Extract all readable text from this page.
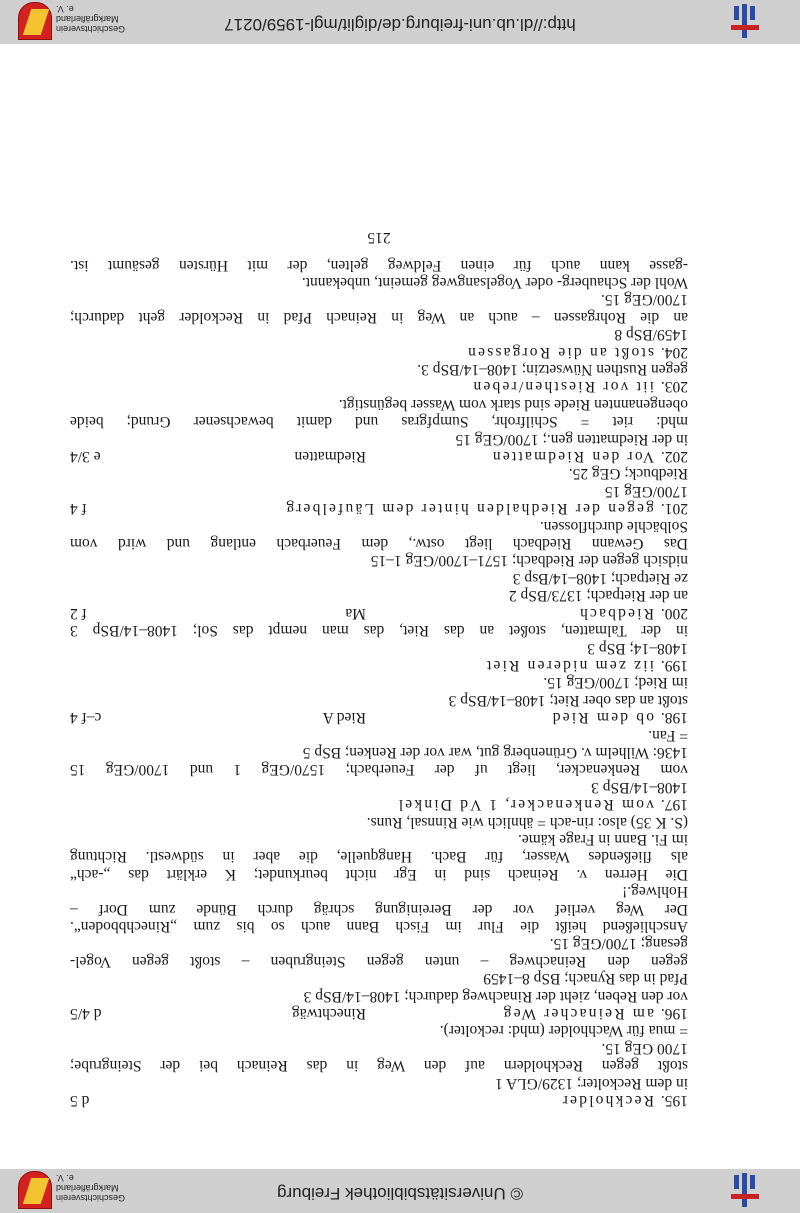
© Universitätsbibliothek Freiburg
Geschichtsverein
Markgräflerland e. V.
195.
Reckholder
d 5
in dem Reckolter; 1329/GLA 1
stoßt gegen Reckholdern auf den Weg in das Reinach bei der Steingrube;
1700 GEg 15.
= mua für Wachholder (mhd: reckolter).
196.
am Reinacher Weg
Rinechtwäg
d 4/5
vor den Reben, zieht der Rinachweg dadurch; 1408–14/BSp 3
Pfad in das Rynach; BSp 8–1459
gegen den Reinachweg – unten gegen Steingruben – stoßt gegen Vogel-
gesang; 1700/GEg 15.
Anschließend heißt die Flur im Fisch Bann auch so bis zum „Rinechbboden“.
Der Weg verlief vor der Bereinigung schräg durch Bünde zum Dorf –
Hohlweg.!
Die Herren v. Reinach sind in Egr nicht beurkundet; K erklärt das „-ach“
als fließendes Wasser, für Bach. Hangquelle, die aber in südwestl. Richtung
im Fi. Bann in Frage käme.
(S. K 35) also: rin-ach = ähnlich wie Rinnsal, Runs.
197.
vom Renkenacker, 1 Vd Dinkel
1408–14/BSp 3
vom Renkenacker, liegt uf der Feuerbach; 1570/GEg 1 und 1700/GEg 15
1436: Wilhelm v. Grünenberg gut, war vor der Renken; BSp 5
= Fan.
198.
ob dem Ried
Ried A
c–f 4
stoßt an das ober Riet; 1408–14/BSp 3
im Ried; 1700/GEg 15.
199.
iiz zem nideren Riet
1408–14; BSp 3
in der Talmatten, stoßet an das Riet, das man nempt das Sol; 1408–14/BSp 3
200.
Riedbach
Ma
f 2
an der Rietpach; 1373/BSp 2
ze Rietpach; 1408–14/Bsp 3
nidsich gegen der Riedbach; 1571–1700/GEg 1–15
Das Gewann Riedbach liegt ostw., dem Feuerbach entlang und wird vom
Solbächle durchflossen.
201.
gegen der Riedhalden hinter dem Läufelberg
f 4
1700/GEg 15
Riedbuck; GEg 25.
202.
Vor den Riedmatten
Riedmatten
e 3/4
in der Riedmatten gen.; 1700/GEg 15
mhd: riet = Schilfrohr, Sumpfgras und damit bewachsener Grund; beide
obengenannten Riede sind stark vom Wasser begünstigt.
203.
iit vor Riesthen/reben
gegen Rusthen Nüwsetzin; 1408–14/BSp 3.
204.
stoßt an die Rorgassen
1459/BSp 8
an die Rohrgassen – auch an Weg in Reinach Pfad in Reckolder geht dadurch;
1700/GEg 15.
Wohl der Schauberg- oder Vogelsangweg gemeint, unbekannt.
-gasse kann auch für einen Feldweg gelten, der mit Hürsten gesäumt ist.
215
http://dl.ub.uni-freiburg.de/diglit/mgl-1959/0217
Geschichtsverein
Markgräflerland e. V.
